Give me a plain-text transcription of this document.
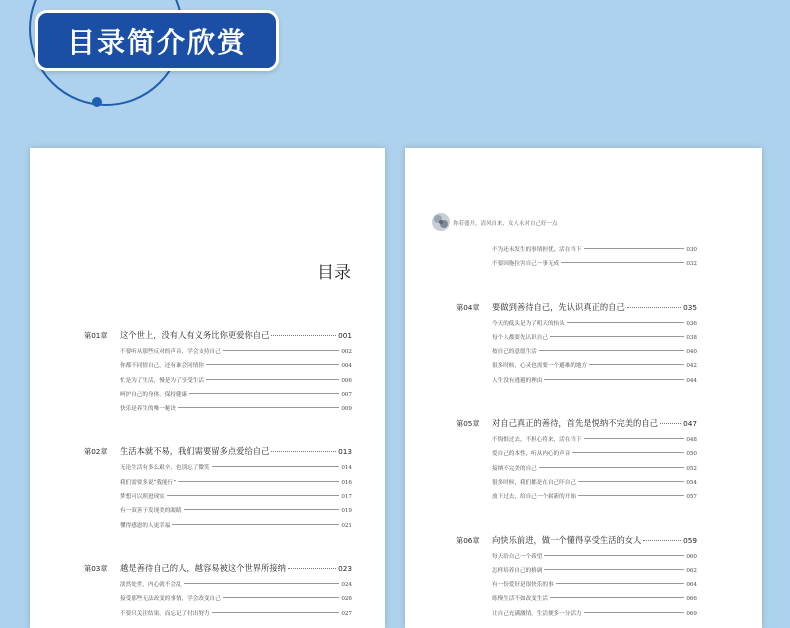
目录简介欣赏
目录
第01章	这个世上，没有人有义务比你更爱你自己	001
不要听从那些反对的声音，学会支持自己	002
你都不同情自己，还有谁会同情你	004
忙是为了生活，慢是为了享受生活	006
呵护自己的身体，保持健康	007
快乐是养生的唯一秘诀	009
第02章	生活本就不易，我们需要留多点爱给自己	013
无论生活有多么艰辛，也别忘了微笑	014
我们需要多说“我能行”	016
梦想可以照进现实	017
有一双善于发现美的眼睛	019
懂得感恩的人更幸福	021
第03章	越是善待自己的人，越容易被这个世界所接纳	023
淡然处世，内心就不会乱	024
接受那些无法改变的事情，学会改变自己	026
不要只关注结果，而忘记了付出努力	027
你若盛开，清风自来，女人永对自己好一点
不为还未发生的事情担忧，活在当下	030
不要因拖拉害自己一事无成	032
第04章	要做到善待自己，先认识真正的自己	035
今天的低头是为了明天的抬头	036
每个人都要先认识自己	038
按自己的意愿生活	040
很多时候，心灵也需要一个避难的地方	042
人生没有逃避的理由	044
第05章	对自己真正的善待，首先是悦纳不完美的自己	047
不悔恨过去，不担心将来，活在当下	048
爱自己的本性，听从内心的声音	050
接纳不完美的自己	052
很多时候，我们都是在自己吓自己	054
放下过去，给自己一个崭新的开始	057
第06章	向快乐前进，做一个懂得享受生活的女人	059
每天给自己一个希望	060
怎样培养自己的格调	062
有一份爱好是很快乐的事	064
练慢生活不如改变生活	066
让自己充满激情，生活便多一分活力	069
